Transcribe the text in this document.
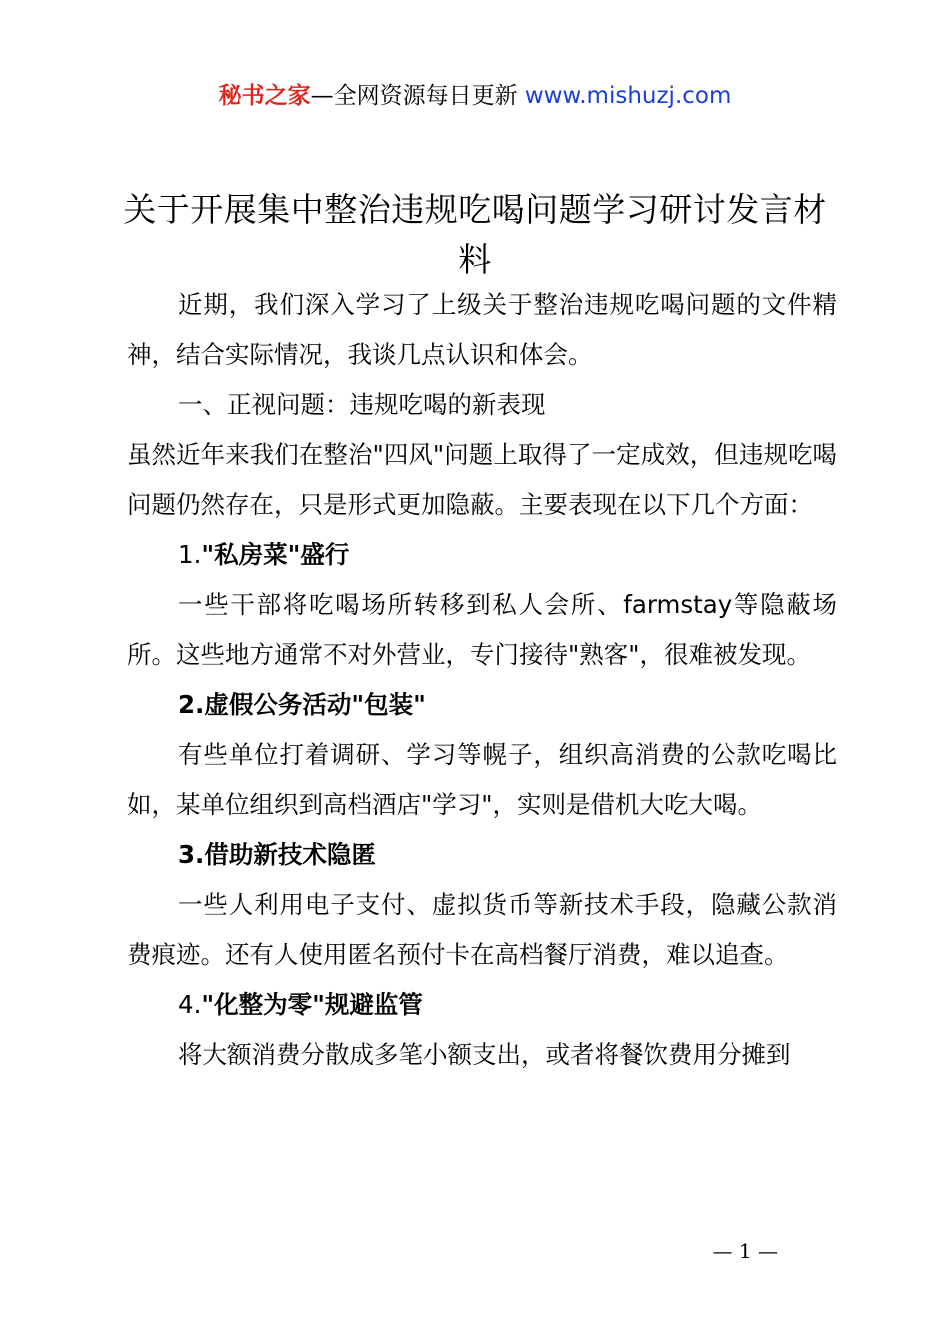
秘书之家—全网资源每日更新 www.mishuzj.com
关于开展集中整治违规吃喝问题学习研讨发言材料

近期，我们深入学习了上级关于整治违规吃喝问题的文件精神，结合实际情况，我谈几点认识和体会。

一、正视问题：违规吃喝的新表现

虽然近年来我们在整治"四风"问题上取得了一定成效，但违规吃喝问题仍然存在，只是形式更加隐蔽。主要表现在以下几个方面：

1."私房菜"盛行

一些干部将吃喝场所转移到私人会所、farmstay等隐蔽场所。这些地方通常不对外营业，专门接待"熟客"，很难被发现。

2.虚假公务活动"包装"

有些单位打着调研、学习等幌子，组织高消费的公款吃喝比如，某单位组织到高档酒店"学习"，实则是借机大吃大喝。

3.借助新技术隐匿

一些人利用电子支付、虚拟货币等新技术手段，隐藏公款消费痕迹。还有人使用匿名预付卡在高档餐厅消费，难以追查。

4."化整为零"规避监管

将大额消费分散成多笔小额支出，或者将餐饮费用分摊到

— 1 —
